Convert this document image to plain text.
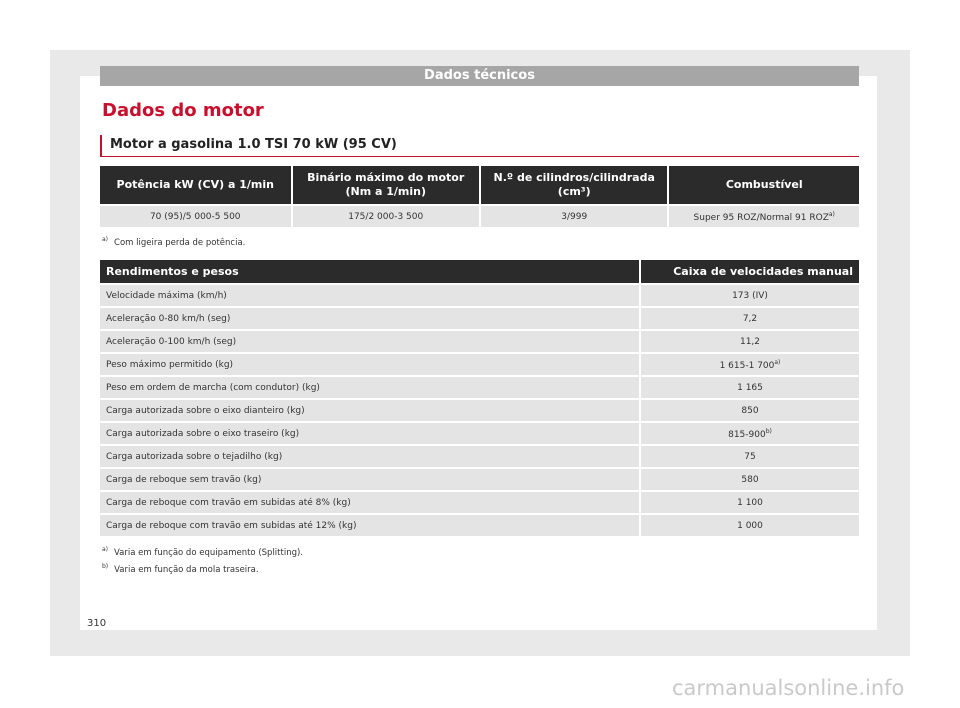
Dados técnicos
Dados do motor
Motor a gasolina 1.0 TSI 70 kW (95 CV)
Potência kW (CV) a 1/min	Binário máximo do motor (Nm a 1/min)	N.º de cilindros/cilindrada (cm³)	Combustível
70 (95)/5 000-5 500	175/2 000-3 500	3/999	Super 95 ROZ/Normal 91 ROZ$^{a)}$
$^{a)}$ Com ligeira perda de potência.
Rendimentos e pesos	Caixa de velocidades manual
Velocidade máxima (km/h)	173 (IV)
Aceleração 0-80 km/h (seg)	7,2
Aceleração 0-100 km/h (seg)	11,2
Peso máximo permitido (kg)	1 615-1 700$^{a)}$
Peso em ordem de marcha (com condutor) (kg)	1 165
Carga autorizada sobre o eixo dianteiro (kg)	850
Carga autorizada sobre o eixo traseiro (kg)	815-900$^{b)}$
Carga autorizada sobre o tejadilho (kg)	75
Carga de reboque sem travão (kg)	580
Carga de reboque com travão em subidas até 8% (kg)	1 100
Carga de reboque com travão em subidas até 12% (kg)	1 000
$^{a)}$ Varia em função do equipamento (Splitting).
$^{b)}$ Varia em função da mola traseira.
310
carmanualsonline.info
